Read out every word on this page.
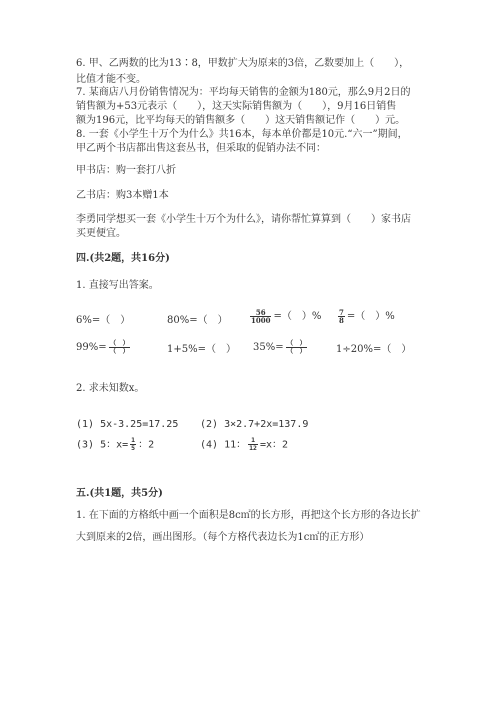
6. 甲、乙两数的比为13∶8，甲数扩大为原来的3倍，乙数要加上（　　），
比值才能不变。
7. 某商店八月份销售情况为：平均每天销售的金额为180元，那么9月2日的
销售额为+53元表示（　　），这天实际销售额为（　　），9月16日销售
额为196元，比平均每天的销售额多（　　）这天销售额记作（　　）元。
8. 一套《小学生十万个为什么》共16本，每本单价都是10元.“六一”期间，
甲乙两个书店都出售这套丛书，但采取的促销办法不同：
甲书店：购一套打八折
乙书店：购3本赠1本
李勇同学想买一套《小学生十万个为什么》，请你帮忙算算到（　　）家书店
买更便宜。
四.(共2题，共16分)
1. 直接写出答案。
6%=（　）	80%=（　）	$\frac{56}{1000}$ =（　）% $\frac{7}{8}$ =（　）%
$99\%= \frac{( )}{( )}$	1+5%=（　） $35\%= \frac{( )}{( )}$	1÷20%=（　）
2. 求未知数x。
(1) 5x-3.25=17.25 (2) 3×2.7+2x=137.9
(3) 5：$x= \frac{1}{5}$ ：2	(4) 11： $\frac{1}{12} =x$：2
五.(共1题，共5分)
1. 在下面的方格纸中画一个面积是8c㎡的长方形，再把这个长方形的各边长扩
大到原来的2倍，画出图形。（每个方格代表边长为1c㎡的正方形）
